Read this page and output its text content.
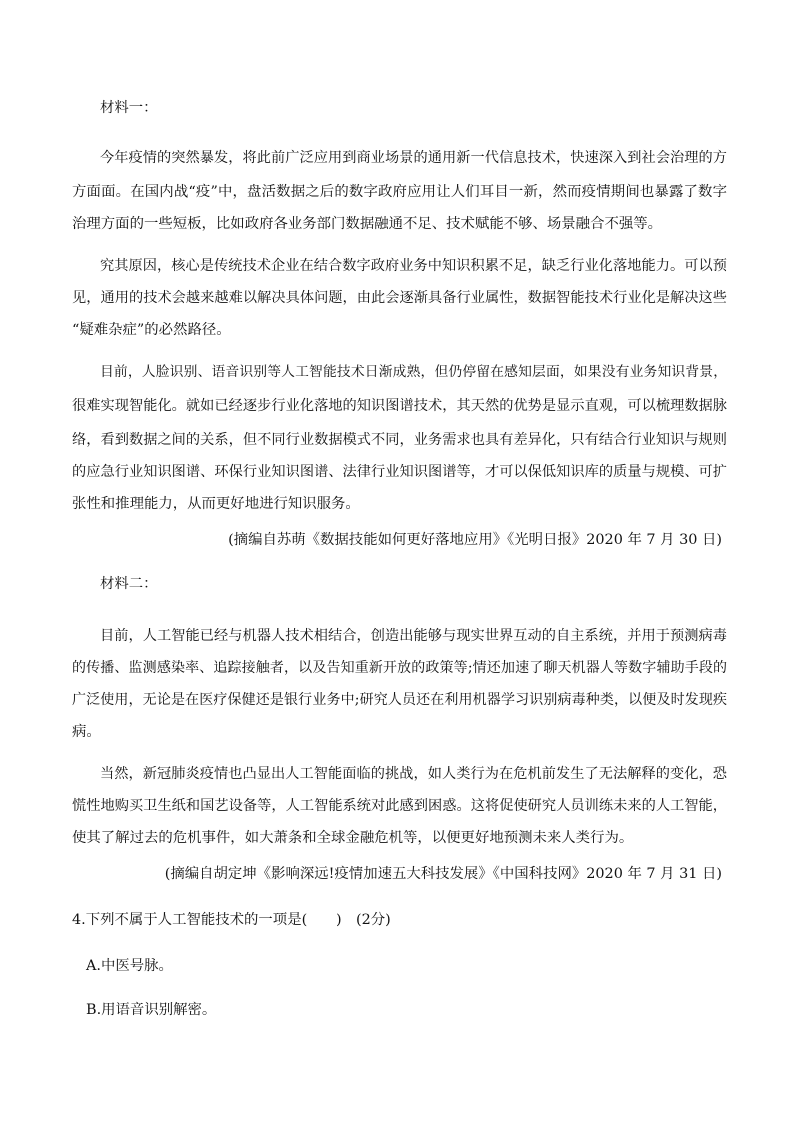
材料一：
今年疫情的突然暴发，将此前广泛应用到商业场景的通用新一代信息技术，快速深入到社会治理的方
方面面。在国内战“疫”中，盘活数据之后的数字政府应用让人们耳目一新，然而疫情期间也暴露了数字
治理方面的一些短板，比如政府各业务部门数据融通不足、技术赋能不够、场景融合不强等。
究其原因，核心是传统技术企业在结合数字政府业务中知识积累不足，缺乏行业化落地能力。可以预
见，通用的技术会越来越难以解决具体问题，由此会逐渐具备行业属性，数据智能技术行业化是解决这些
“疑难杂症”的必然路径。
目前，人脸识别、语音识别等人工智能技术日渐成熟，但仍停留在感知层面，如果没有业务知识背景，
很难实现智能化。就如已经逐步行业化落地的知识图谱技术，其天然的优势是显示直观，可以梳理数据脉
络，看到数据之间的关系，但不同行业数据模式不同，业务需求也具有差异化，只有结合行业知识与规则
的应急行业知识图谱、环保行业知识图谱、法律行业知识图谱等，才可以保低知识库的质量与规模、可扩
张性和推理能力，从而更好地进行知识服务。
(摘编自苏萌《数据技能如何更好落地应用》《光明日报》2020 年 7 月 30 日)
材料二：
目前，人工智能已经与机器人技术相结合，创造出能够与现实世界互动的自主系统，并用于预测病毒
的传播、监测感染率、追踪接触者，以及告知重新开放的政策等;情还加速了聊天机器人等数字辅助手段的
广泛使用，无论是在医疗保健还是银行业务中;研究人员还在利用机器学习识别病毒种类，以便及时发现疾
病。
当然，新冠肺炎疫情也凸显出人工智能面临的挑战，如人类行为在危机前发生了无法解释的变化，恐
慌性地购买卫生纸和国艺设备等，人工智能系统对此感到困惑。这将促使研究人员训练未来的人工智能，
使其了解过去的危机事件，如大萧条和全球金融危机等，以便更好地预测未来人类行为。
(摘编自胡定坤《影响深远!疫情加速五大科技发展》《中国科技网》2020 年 7 月 31 日)
4.下列不属于人工智能技术的一项是(　　)　(2分)
A.中医号脉。
B.用语音识别解密。
